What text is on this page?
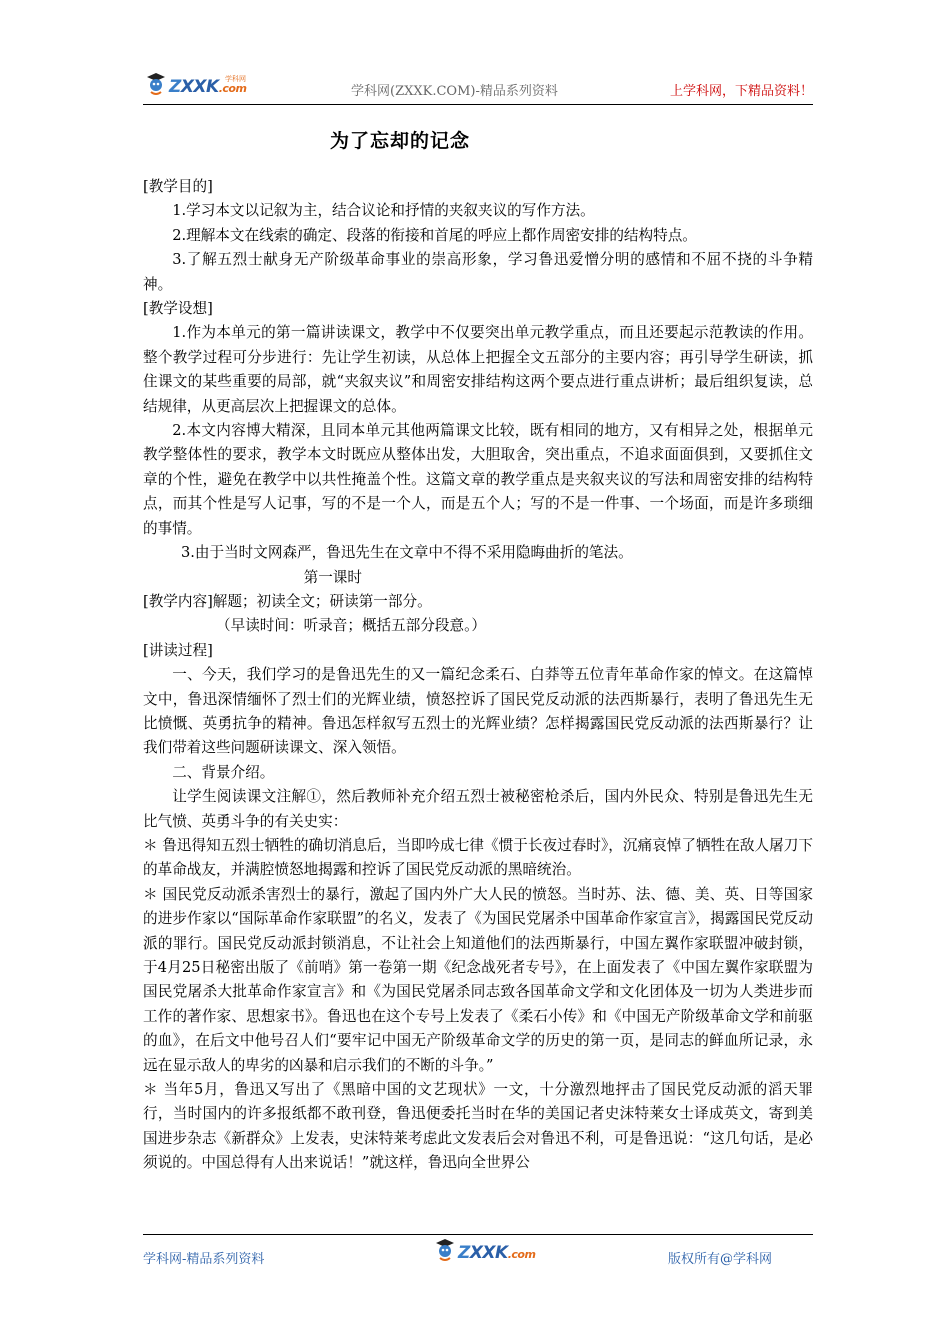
ZXXK.com
学科网
学科网(ZXXK.COM)-精品系列资料	上学科网，下精品资料！
为了忘却的记念

[教学目的]

1.学习本文以记叙为主，结合议论和抒情的夹叙夹议的写作方法。

2.理解本文在线索的确定、段落的衔接和首尾的呼应上都作周密安排的结构特点。

3.了解五烈士献身无产阶级革命事业的崇高形象，学习鲁迅爱憎分明的感情和不屈不挠的斗争精神。

[教学设想]

1.作为本单元的第一篇讲读课文，教学中不仅要突出单元教学重点，而且还要起示范教读的作用。整个教学过程可分步进行：先让学生初读，从总体上把握全文五部分的主要内容；再引导学生研读，抓住课文的某些重要的局部，就“夹叙夹议”和周密安排结构这两个要点进行重点讲析；最后组织复读，总结规律，从更高层次上把握课文的总体。

2.本文内容博大精深，且同本单元其他两篇课文比较，既有相同的地方，又有相异之处，根据单元教学整体性的要求，教学本文时既应从整体出发，大胆取舍，突出重点，不追求面面俱到，又要抓住文章的个性，避免在教学中以共性掩盖个性。这篇文章的教学重点是夹叙夹议的写法和周密安排的结构特点，而其个性是写人记事，写的不是一个人，而是五个人；写的不是一件事、一个场面，而是许多琐细的事情。

3.由于当时文网森严，鲁迅先生在文章中不得不采用隐晦曲折的笔法。

第一课时

[教学内容]解题；初读全文；研读第一部分。

（早读时间：听录音；概括五部分段意。）

[讲读过程]

一、今天，我们学习的是鲁迅先生的又一篇纪念柔石、白莽等五位青年革命作家的悼文。在这篇悼文中，鲁迅深情缅怀了烈士们的光辉业绩，愤怒控诉了国民党反动派的法西斯暴行，表明了鲁迅先生无比愤慨、英勇抗争的精神。鲁迅怎样叙写五烈士的光辉业绩？怎样揭露国民党反动派的法西斯暴行？让我们带着这些问题研读课文、深入领悟。

二、背景介绍。

让学生阅读课文注解①，然后教师补充介绍五烈士被秘密枪杀后，国内外民众、特别是鲁迅先生无比气愤、英勇斗争的有关史实：

＊ 鲁迅得知五烈士牺牲的确切消息后，当即吟成七律《惯于长夜过春时》，沉痛哀悼了牺牲在敌人屠刀下的革命战友，并满腔愤怒地揭露和控诉了国民党反动派的黑暗统治。

＊ 国民党反动派杀害烈士的暴行，激起了国内外广大人民的愤怒。当时苏、法、德、美、英、日等国家的进步作家以“国际革命作家联盟”的名义，发表了《为国民党屠杀中国革命作家宣言》，揭露国民党反动派的罪行。国民党反动派封锁消息，不让社会上知道他们的法西斯暴行，中国左翼作家联盟冲破封锁，于4月25日秘密出版了《前哨》第一卷第一期《纪念战死者专号》，在上面发表了《中国左翼作家联盟为国民党屠杀大批革命作家宣言》和《为国民党屠杀同志致各国革命文学和文化团体及一切为人类进步而工作的著作家、思想家书》。鲁迅也在这个专号上发表了《柔石小传》和《中国无产阶级革命文学和前驱的血》，在后文中他号召人们“要牢记中国无产阶级革命文学的历史的第一页，是同志的鲜血所记录，永远在显示敌人的卑劣的凶暴和启示我们的不断的斗争。”

＊ 当年5月，鲁迅又写出了《黑暗中国的文艺现状》一文，十分激烈地抨击了国民党反动派的滔天罪行，当时国内的许多报纸都不敢刊登，鲁迅便委托当时在华的美国记者史沫特莱女士译成英文，寄到美国进步杂志《新群众》上发表，史沫特莱考虑此文发表后会对鲁迅不利，可是鲁迅说：“这几句话，是必须说的。中国总得有人出来说话！”就这样，鲁迅向全世界公

学科网-精品系列资料	ZXXK.com	版权所有@学科网
